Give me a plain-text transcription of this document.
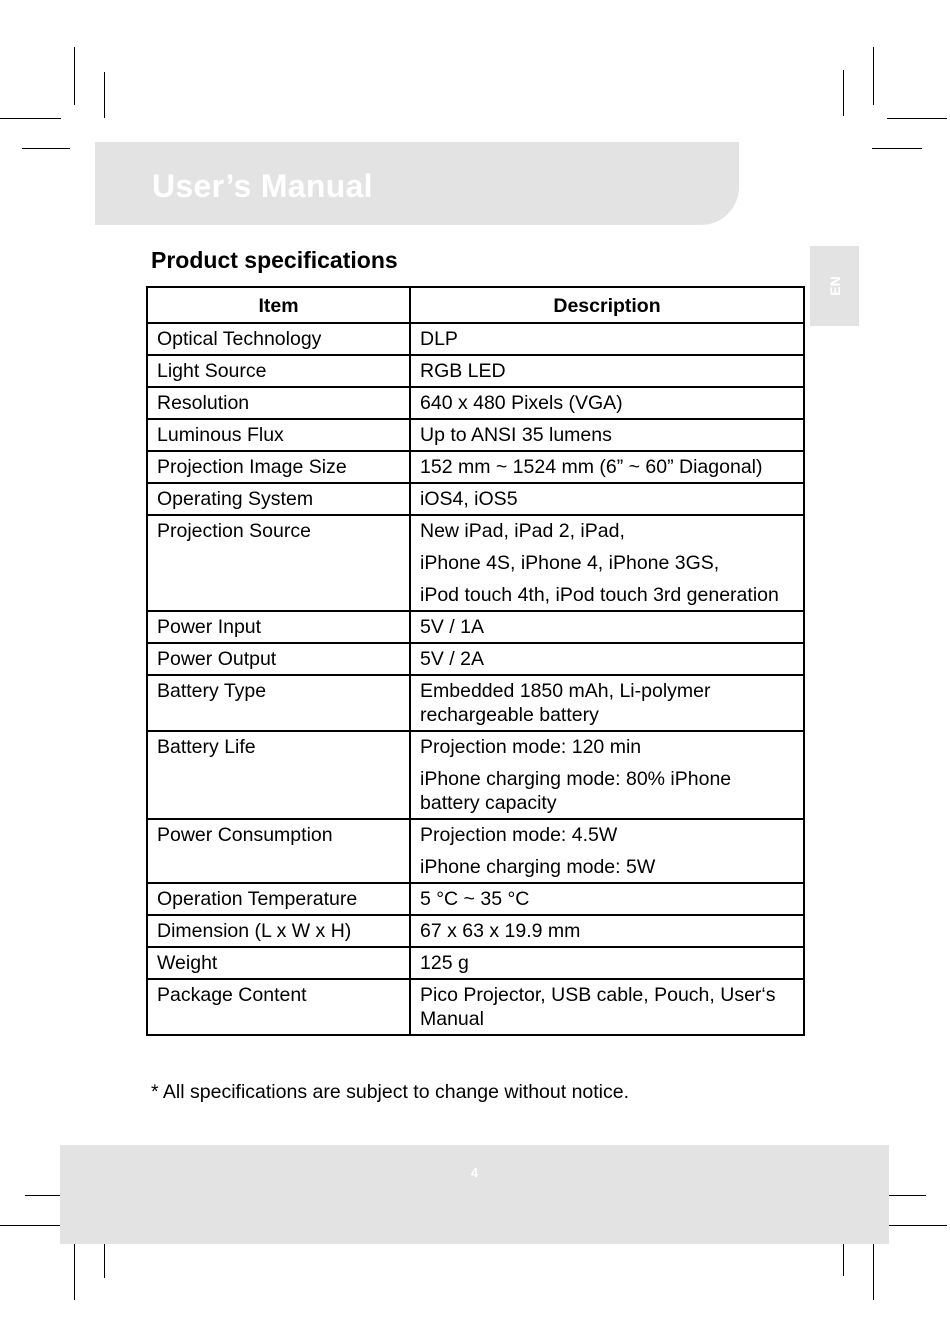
User’s Manual
EN
Product specifications
Item	Description
Optical Technology	DLP

Light Source	RGB LED

Resolution	640 x 480 Pixels (VGA)

Luminous Flux	Up to ANSI 35 lumens

Projection Image Size	152 mm ~ 1524 mm (6” ~ 60” Diagonal)

Operating System	iOS4, iOS5

Projection Source	New iPad, iPad 2, iPad,
iPhone 4S, iPhone 4, iPhone 3GS,
iPod touch 4th, iPod touch 3rd generation

Power Input	5V / 1A

Power Output	5V / 2A

Battery Type	Embedded 1850 mAh, Li-polymer rechargeable battery

Battery Life	Projection mode: 120 min
iPhone charging mode: 80% iPhone battery capacity

Power Consumption	Projection mode: 4.5W
iPhone charging mode: 5W

Operation Temperature	5 °C ~ 35 °C

Dimension (L x W x H)	67 x 63 x 19.9 mm

Weight	125 g

Package Content	Pico Projector, USB cable, Pouch, User‘s Manual
* All specifications are subject to change without notice.
4
